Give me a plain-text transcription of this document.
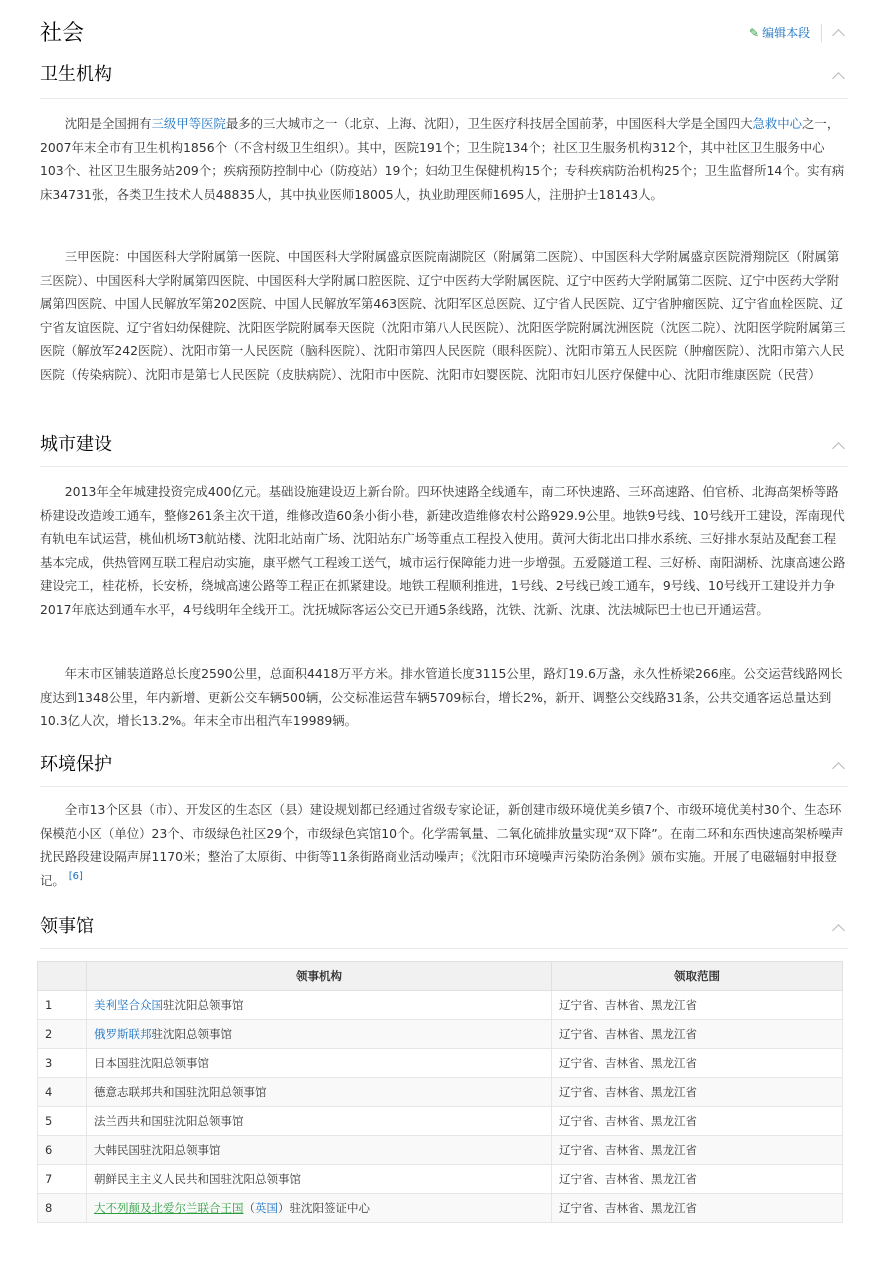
社会	✎ 编辑本段
卫生机构

沈阳是全国拥有三级甲等医院最多的三大城市之一（北京、上海、沈阳），卫生医疗科技居全国前茅，中国医科大学是全国四大急救中心之一，2007年末全市有卫生机构1856个（不含村级卫生组织）。其中，医院191个；卫生院134个；社区卫生服务机构312个，其中社区卫生服务中心103个、社区卫生服务站209个；疾病预防控制中心（防疫站）19个；妇幼卫生保健机构15个；专科疾病防治机构25个；卫生监督所14个。实有病床34731张，各类卫生技术人员48835人，其中执业医师18005人，执业助理医师1695人，注册护士18143人。

三甲医院：中国医科大学附属第一医院、中国医科大学附属盛京医院南湖院区（附属第二医院）、中国医科大学附属盛京医院滑翔院区（附属第三医院）、中国医科大学附属第四医院、中国医科大学附属口腔医院、辽宁中医药大学附属医院、辽宁中医药大学附属第二医院、辽宁中医药大学附属第四医院、中国人民解放军第202医院、中国人民解放军第463医院、沈阳军区总医院、辽宁省人民医院、辽宁省肿瘤医院、辽宁省血栓医院、辽宁省友谊医院、辽宁省妇幼保健院、沈阳医学院附属奉天医院（沈阳市第八人民医院）、沈阳医学院附属沈洲医院（沈医二院）、沈阳医学院附属第三医院（解放军242医院）、沈阳市第一人民医院（脑科医院）、沈阳市第四人民医院（眼科医院）、沈阳市第五人民医院（肿瘤医院）、沈阳市第六人民医院（传染病院）、沈阳市是第七人民医院（皮肤病院）、沈阳市中医院、沈阳市妇婴医院、沈阳市妇儿医疗保健中心、沈阳市维康医院（民营）

城市建设

2013年全年城建投资完成400亿元。基础设施建设迈上新台阶。四环快速路全线通车，南二环快速路、三环高速路、伯官桥、北海高架桥等路桥建设改造竣工通车，整修261条主次干道，维修改造60条小街小巷，新建改造维修农村公路929.9公里。地铁9号线、10号线开工建设，浑南现代有轨电车试运营，桃仙机场T3航站楼、沈阳北站南广场、沈阳站东广场等重点工程投入使用。黄河大街北出口排水系统、三好排水泵站及配套工程基本完成，供热管网互联工程启动实施，康平燃气工程竣工送气，城市运行保障能力进一步增强。五爱隧道工程、三好桥、南阳湖桥、沈康高速公路建设完工，桂花桥，长安桥，绕城高速公路等工程正在抓紧建设。地铁工程顺利推进，1号线、2号线已竣工通车，9号线、10号线开工建设并力争2017年底达到通车水平，4号线明年全线开工。沈抚城际客运公交已开通5条线路，沈铁、沈新、沈康、沈法城际巴士也已开通运营。

年末市区铺装道路总长度2590公里，总面积4418万平方米。排水管道长度3115公里，路灯19.6万盏，永久性桥梁266座。公交运营线路网长度达到1348公里，年内新增、更新公交车辆500辆，公交标准运营车辆5709标台，增长2%，新开、调整公交线路31条，公共交通客运总量达到10.3亿人次，增长13.2%。年末全市出租汽车19989辆。

环境保护

全市13个区县（市）、开发区的生态区（县）建设规划都已经通过省级专家论证，新创建市级环境优美乡镇7个、市级环境优美村30个、生态环保模范小区（单位）23个、市级绿色社区29个，市级绿色宾馆10个。化学需氧量、二氧化硫排放量实现“双下降”。在南二环和东西快速高架桥噪声扰民路段建设隔声屏1170米；整治了太原街、中街等11条街路商业活动噪声；《沈阳市环境噪声污染防治条例》颁布实施。开展了电磁辐射申报登记。 [6]

领事馆
	领事机构	领取范围
1	美利坚合众国驻沈阳总领事馆	辽宁省、吉林省、黑龙江省
2	俄罗斯联邦驻沈阳总领事馆	辽宁省、吉林省、黑龙江省
3	日本国驻沈阳总领事馆	辽宁省、吉林省、黑龙江省
4	德意志联邦共和国驻沈阳总领事馆	辽宁省、吉林省、黑龙江省
5	法兰西共和国驻沈阳总领事馆	辽宁省、吉林省、黑龙江省
6	大韩民国驻沈阳总领事馆	辽宁省、吉林省、黑龙江省
7	朝鲜民主主义人民共和国驻沈阳总领事馆	辽宁省、吉林省、黑龙江省
8	大不列颠及北爱尔兰联合王国（英国）驻沈阳签证中心	辽宁省、吉林省、黑龙江省
